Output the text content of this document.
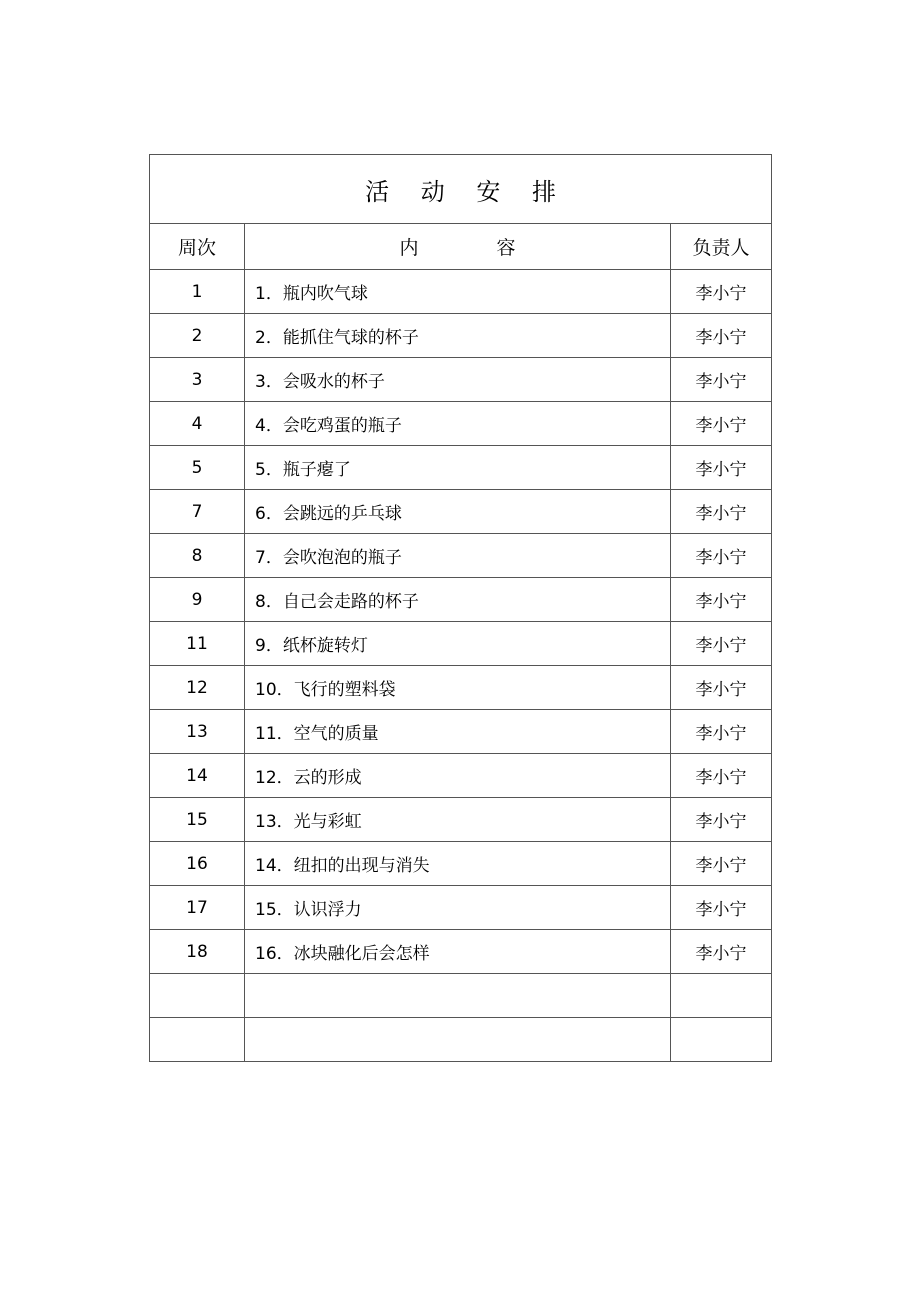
活 动 安 排		
周次	内 容	负责人
1	1．瓶内吹气球	李小宁
2	2．能抓住气球的杯子	李小宁
3	3．会吸水的杯子	李小宁
4	4．会吃鸡蛋的瓶子	李小宁
5	5．瓶子瘪了	李小宁
7	6．会跳远的乒乓球	李小宁
8	7．会吹泡泡的瓶子	李小宁
9	8．自己会走路的杯子	李小宁
11	9．纸杯旋转灯	李小宁
12	10．飞行的塑料袋	李小宁
13	11．空气的质量	李小宁
14	12．云的形成	李小宁
15	13．光与彩虹	李小宁
16	14．纽扣的出现与消失	李小宁
17	15．认识浮力	李小宁
18	16．冰块融化后会怎样	李小宁
